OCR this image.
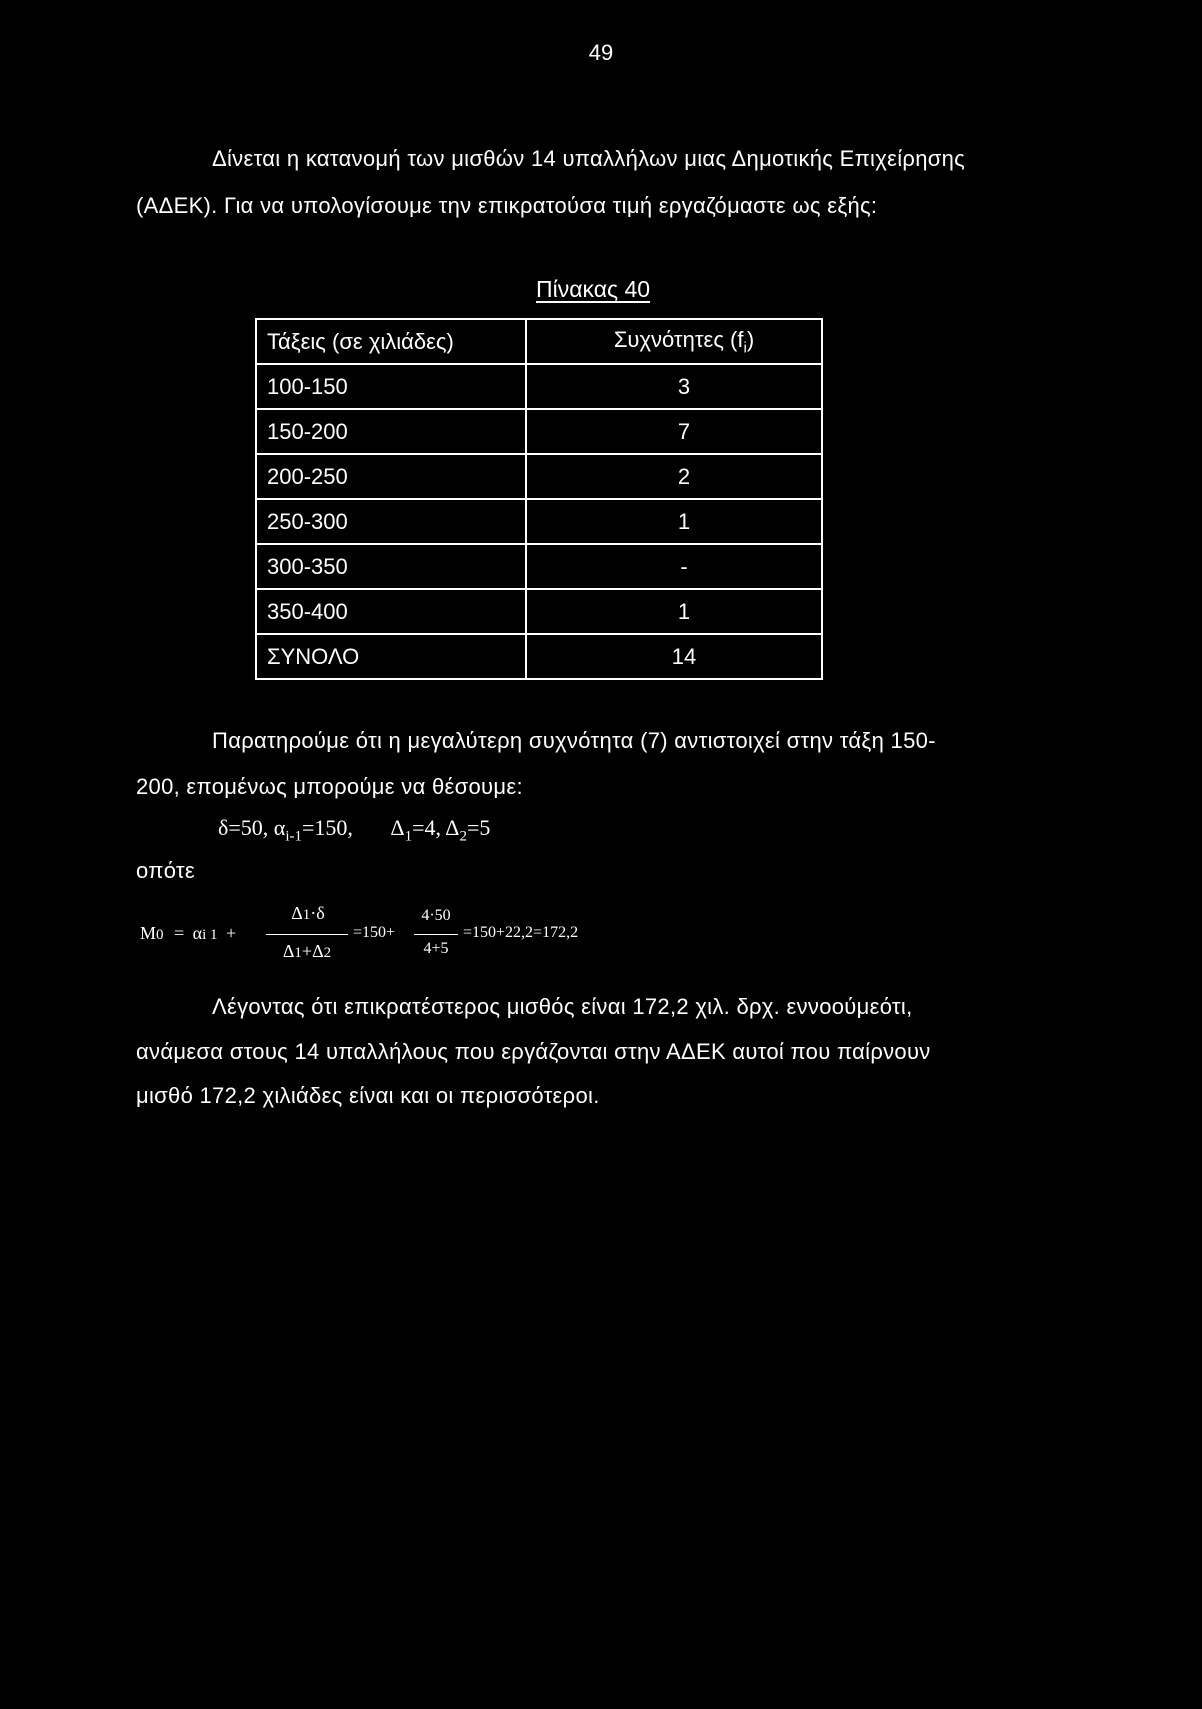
49
Δίνεται η κατανομή των μισθών 14 υπαλλήλων μιας Δημοτικής Επιχείρησης
(ΑΔΕΚ). Για να υπολογίσουμε την επικρατούσα τιμή εργαζόμαστε ως εξής:
Πίνακας 40
Τάξεις (σε χιλιάδες)	Συχνότητες $(f_i)$
100-150	3
150-200	7
200-250	2
250-300	1
300-350	-
350-400	1
ΣΥΝΟΛΟ	14
Παρατηρούμε ότι η μεγαλύτερη συχνότητα (7) αντιστοιχεί στην τάξη 150-
200, επομένως μπορούμε να θέσουμε:
δ=50, $\alpha_{i-1}=150$, $\Delta_1=4$, $\Delta_2=5$
οπότε
M0 = αi 1 +
Δ1·δ
Δ1+Δ2
=150+
4·50
4+5
=150+22,2=172,2
Λέγοντας ότι επικρατέστερος μισθός είναι 172,2 χιλ. δρχ. εννοούμεότι,
ανάμεσα στους 14 υπαλλήλους που εργάζονται στην ΑΔΕΚ αυτοί που παίρνουν
μισθό 172,2 χιλιάδες είναι και οι περισσότεροι.
